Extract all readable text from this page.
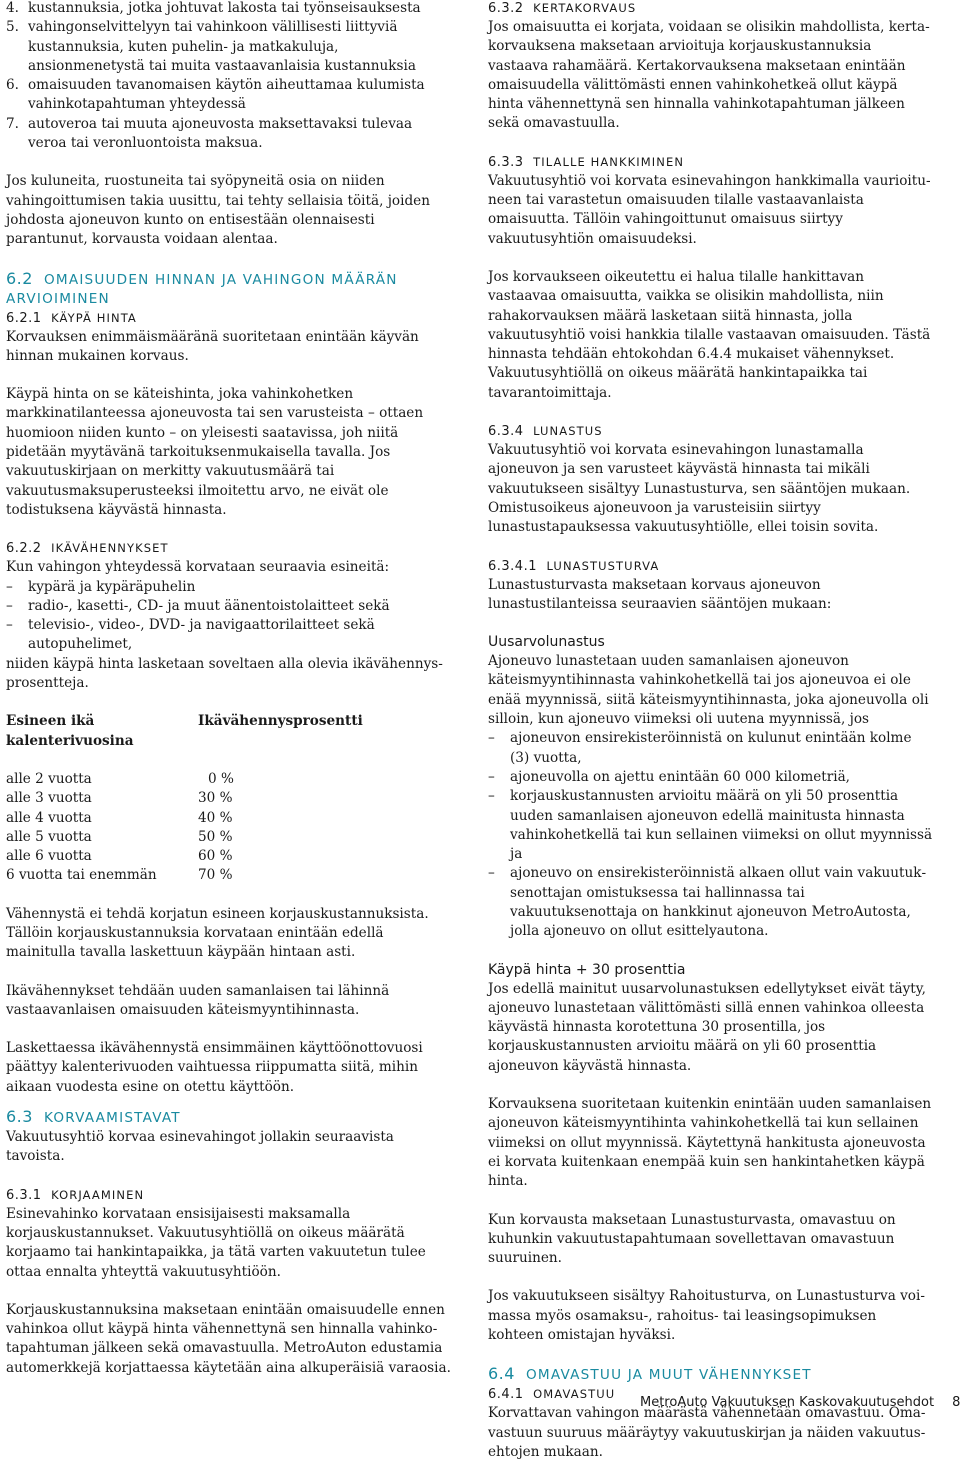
4. kustannuksia, jotka johtuvat lakosta tai työnseisauksesta
5. vahingonselvittelyyn tai vahinkoon välillisesti liittyviä kustannuksia, kuten puhelin- ja matkakuluja, ansionmenetystä tai muita vastaavanlaisia kustannuksia
6. omaisuuden tavanomaisen käytön aiheuttamaa kulumista vahinkotapahtuman yhteydessä
7. autoveroa tai muuta ajoneuvosta maksettavaksi tulevaa veroa tai veronluontoista maksua.

Jos kuluneita, ruostuneita tai syöpyneitä osia on niiden vahingoittumisen takia uusittu, tai tehty sellaisia töitä, joiden johdosta ajoneuvon kunto on entisestään olennaisesti parantunut, korvausta voidaan alentaa.

6.2 OMAISUUDEN HINNAN JA VAHINGON MÄÄRÄN ARVIOIMINEN
6.2.1 KÄYPÄ HINTA

Korvauksen enimmäismääränä suoritetaan enintään käyvän hinnan mukainen korvaus.

Käypä hinta on se käteishinta, joka vahinkohetken markkinatilanteessa ajoneuvosta tai sen varusteista – ottaen huomioon niiden kunto – on yleisesti saatavissa, joh niitä pidetään myytävänä tarkoituksenmukaisella tavalla. Jos vakuutuskirjaan on merkitty vakuutusmäärä tai vakuutusmaksuperusteeksi ilmoitettu arvo, ne eivät ole todistuksena käyvästä hinnasta.

6.2.2 IKÄVÄHENNYKSET

Kun vahingon yhteydessä korvataan seuraavia esineitä:

– kypärä ja kypäräpuhelin
– radio-, kasetti-, CD- ja muut äänentoistolaitteet sekä
– televisio-, video-, DVD- ja navigaattorilaitteet sekä autopuhelimet,

niiden käypä hinta lasketaan soveltaen alla olevia ikävähennysprosentteja.

Esineen ikä kalenterivuosina	Ikävähennysprosentti

alle 2 vuotta	0 %
alle 3 vuotta	30 %
alle 4 vuotta	40 %
alle 5 vuotta	50 %
alle 6 vuotta	60 %
6 vuotta tai enemmän	70 %

Vähennystä ei tehdä korjatun esineen korjauskustannuksista. Tällöin korjauskustannuksia korvataan enintään edellä mainitulla tavalla laskettuun käypään hintaan asti.

Ikävähennykset tehdään uuden samanlaisen tai lähinnä vastaavanlaisen omaisuuden käteismyyntihinnasta.

Laskettaessa ikävähennystä ensimmäinen käyttöönottovuosi päättyy kalenterivuoden vaihtuessa riippumatta siitä, mihin aikaan vuodesta esine on otettu käyttöön.

6.3 KORVAAMISTAVAT

Vakuutusyhtiö korvaa esinevahingot jollakin seuraavista tavoista.

6.3.1 KORJAAMINEN

Esinevahinko korvataan ensisijaisesti maksamalla korjauskustannukset. Vakuutusyhtiöllä on oikeus määrätä korjaamo tai hankintapaikka, ja tätä varten vakuutetun tulee ottaa ennalta yhteyttä vakuutusyhtiöön.

Korjauskustannuksina maksetaan enintään omaisuudelle ennen vahinkoa ollut käypä hinta vähennettynä sen hinnalla vahinkotapahtuman jälkeen sekä omavastuulla. MetroAuton edustamia automerkkejä korjattaessa käytetään aina alkuperäisiä varaosia.

6.3.2 KERTAKORVAUS

Jos omaisuutta ei korjata, voidaan se olisikin mahdollista, kertakorvauksena maksetaan arvioituja korjauskustannuksia vastaava rahamäärä. Kertakorvauksena maksetaan enintään omaisuudella välittömästi ennen vahinkohetkeä ollut käypä hinta vähennettynä sen hinnalla vahinkotapahtuman jälkeen sekä omavastuulla.

6.3.3 TILALLE HANKKIMINEN

Vakuutusyhtiö voi korvata esinevahingon hankkimalla vaurioituneen tai varastetun omaisuuden tilalle vastaavanlaista omaisuutta. Tällöin vahingoittunut omaisuus siirtyy vakuutusyhtiön omaisuudeksi.

Jos korvaukseen oikeutettu ei halua tilalle hankittavan vastaavaa omaisuutta, vaikka se olisikin mahdollista, niin rahakorvauksen määrä lasketaan siitä hinnasta, jolla vakuutusyhtiö voisi hankkia tilalle vastaavan omaisuuden. Tästä hinnasta tehdään ehtokohdan 6.4.4 mukaiset vähennykset. Vakuutusyhtiöllä on oikeus määrätä hankintapaikka tai tavarantoimittaja.

6.3.4 LUNASTUS

Vakuutusyhtiö voi korvata esinevahingon lunastamalla ajoneuvon ja sen varusteet käyvästä hinnasta tai mikäli vakuutukseen sisältyy Lunastusturva, sen sääntöjen mukaan. Omistusoikeus ajoneuvoon ja varusteisiin siirtyy lunastustapauksessa vakuutusyhtiölle, ellei toisin sovita.

6.3.4.1 LUNASTUSTURVA

Lunastusturvasta maksetaan korvaus ajoneuvon lunastustilanteissa seuraavien sääntöjen mukaan:

Uusarvolunastus

Ajoneuvo lunastetaan uuden samanlaisen ajoneuvon käteismyyntihinnasta vahinkohetkellä tai jos ajoneuvoa ei ole enää myynnissä, siitä käteismyyntihinnasta, joka ajoneuvolla oli silloin, kun ajoneuvo viimeksi oli uutena myynnissä, jos

– ajoneuvon ensirekisteröinnistä on kulunut enintään kolme (3) vuotta,
– ajoneuvolla on ajettu enintään 60 000 kilometriä,
– korjauskustannusten arvioitu määrä on yli 50 prosenttia uuden samanlaisen ajoneuvon edellä mainitusta hinnasta vahinkohetkellä tai kun sellainen viimeksi on ollut myynnissä ja
– ajoneuvo on ensirekisteröinnistä alkaen ollut vain vakuutuksenottajan omistuksessa tai hallinnassa tai vakuutuksenottaja on hankkinut ajoneuvon MetroAutosta, jolla ajoneuvo on ollut esittelyautona.
Käypä hinta + 30 prosenttia

Jos edellä mainitut uusarvolunastuksen edellytykset eivät täyty, ajoneuvo lunastetaan välittömästi sillä ennen vahinkoa olleesta käyvästä hinnasta korotettuna 30 prosentilla, jos korjauskustannusten arvioitu määrä on yli 60 prosenttia ajoneuvon käyvästä hinnasta.

Korvauksena suoritetaan kuitenkin enintään uuden samanlaisen ajoneuvon käteismyyntihinta vahinkohetkellä tai kun sellainen viimeksi on ollut myynnissä. Käytettynä hankitusta ajoneuvosta ei korvata kuitenkaan enempää kuin sen hankintahetken käypä hinta.

Kun korvausta maksetaan Lunastusturvasta, omavastuu on kuhunkin vakuutustapahtumaan sovellettavan omavastuun suuruinen.

Jos vakuutukseen sisältyy Rahoitusturva, on Lunastusturva voimassa myös osamaksu-, rahoitus- tai leasingsopimuksen kohteen omistajan hyväksi.

6.4 OMAVASTUU JA MUUT VÄHENNYKSET
6.4.1 OMAVASTUU

Korvattavan vahingon määrästä vähennetään omavastuu. Omavastuun suuruus määräytyy vakuutuskirjan ja näiden vakuutusehtojen mukaan.

MetroAuto Vakuutuksen Kaskovakuutusehdot 8
